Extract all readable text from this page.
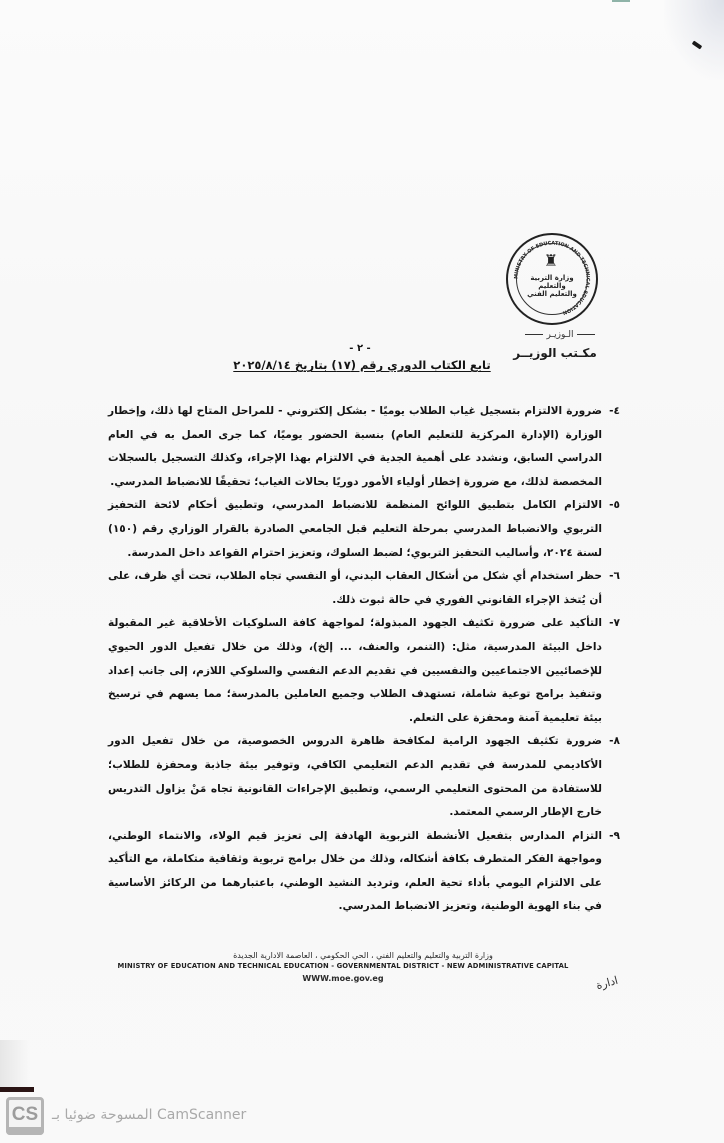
MINISTRY OF EDUCATION AND TECHNICAL EDUCATION
♜
وزارة التربية والتعليم والتعليم الفني
الـوزيـر
مكـتب الوزيــر
- ٢ -
تابع الكتاب الدوري رقم (١٧) بتاريخ ٢٠٢٥/٨/١٤
٤-
ضرورة الالتزام بتسجيل غياب الطلاب يوميًا - بشكل إلكتروني - للمراحل المتاح لها ذلك، وإخطار الوزارة (الإدارة المركزية للتعليم العام) بنسبة الحضور يوميًا، كما جرى العمل به في العام الدراسي السابق، ونشدد على أهمية الجدية في الالتزام بهذا الإجراء، وكذلك التسجيل بالسجلات المخصصة لذلك، مع ضرورة إخطار أولياء الأمور دوريًا بحالات الغياب؛ تحقيقًا للانضباط المدرسي.
٥-
الالتزام الكامل بتطبيق اللوائح المنظمة للانضباط المدرسي، وتطبيق أحكام لائحة التحفيز التربوي والانضباط المدرسي بمرحلة التعليم قبل الجامعي الصادرة بالقرار الوزاري رقم (١٥٠) لسنة ٢٠٢٤، وأساليب التحفيز التربوي؛ لضبط السلوك، وتعزيز احترام القواعد داخل المدرسة.
٦-
حظر استخدام أي شكل من أشكال العقاب البدني، أو النفسي تجاه الطلاب، تحت أي ظرف، على أن يُتخذ الإجراء القانوني الفوري في حالة ثبوت ذلك.
٧-
التأكيد على ضرورة تكثيف الجهود المبذولة؛ لمواجهة كافة السلوكيات الأخلاقية غير المقبولة داخل البيئة المدرسية، مثل: (التنمر، والعنف، ... إلخ)، وذلك من خلال تفعيل الدور الحيوي للإخصائيين الاجتماعيين والنفسيين في تقديم الدعم النفسي والسلوكي اللازم، إلى جانب إعداد وتنفيذ برامج توعية شاملة، تستهدف الطلاب وجميع العاملين بالمدرسة؛ مما يسهم في ترسيخ بيئة تعليمية آمنة ومحفزة على التعلم.
٨-
ضرورة تكثيف الجهود الرامية لمكافحة ظاهرة الدروس الخصوصية، من خلال تفعيل الدور الأكاديمي للمدرسة في تقديم الدعم التعليمي الكافي، وتوفير بيئة جاذبة ومحفزة للطلاب؛ للاستفادة من المحتوى التعليمي الرسمي، وتطبيق الإجراءات القانونية تجاه مَنْ يزاول التدريس خارج الإطار الرسمي المعتمد.
٩-
التزام المدارس بتفعيل الأنشطة التربوية الهادفة إلى تعزيز قيم الولاء، والانتماء الوطني، ومواجهة الفكر المتطرف بكافة أشكاله، وذلك من خلال برامج تربوية وثقافية متكاملة، مع التأكيد على الالتزام اليومي بأداء تحية العلم، وترديد النشيد الوطني، باعتبارهما من الركائز الأساسية في بناء الهوية الوطنية، وتعزيز الانضباط المدرسي.
وزارة التربية والتعليم والتعليم الفني ، الحي الحكومي ، العاصمة الادارية الجديدة
MINISTRY OF EDUCATION AND TECHNICAL EDUCATION - GOVERNMENTAL DISTRICT - NEW ADMINISTRATIVE CAPITAL
WWW.moe.gov.eg	ادارة
CS المسوحة ضوئيا بـ CamScanner
